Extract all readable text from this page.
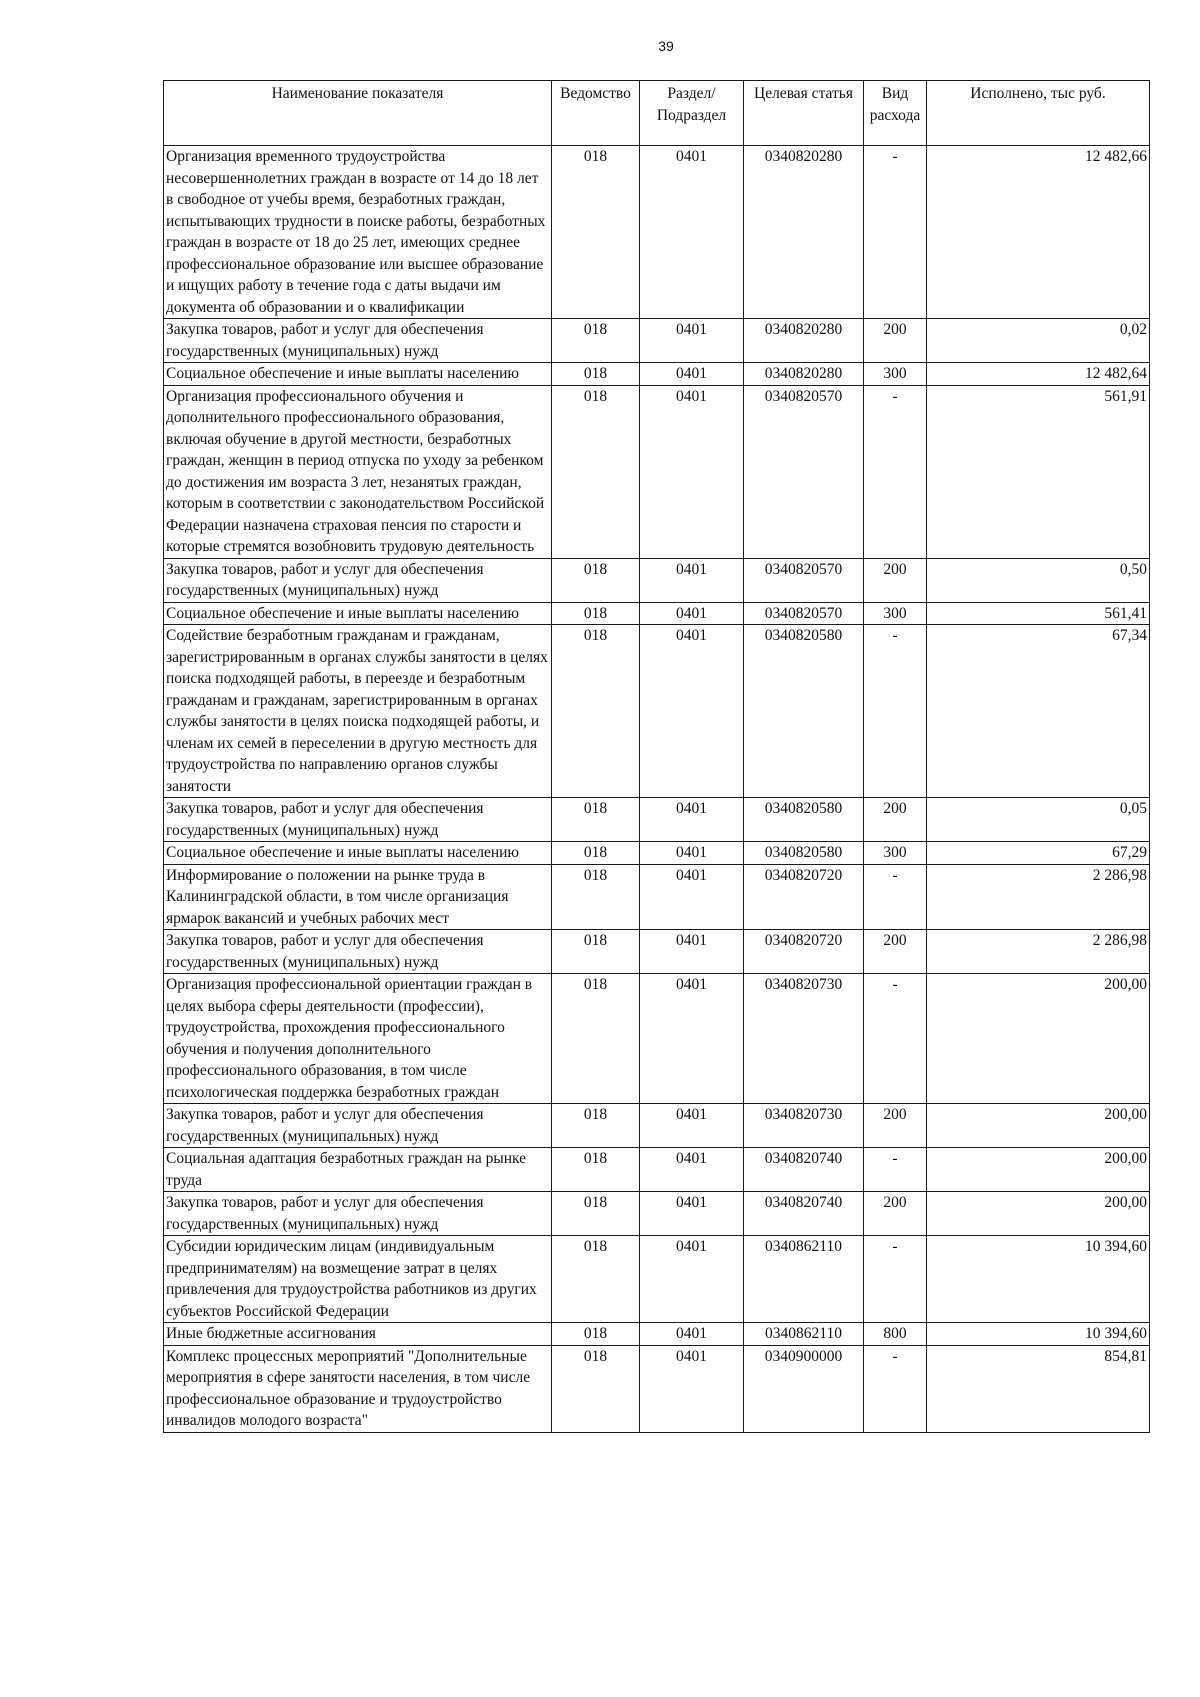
39
Наименование показателя	Ведомство	Раздел/ Подраздел	Целевая статья	Вид расхода	Исполнено, тыс руб.
Организация временного трудоустройства несовершеннолетних граждан в возрасте от 14 до 18 лет в свободное от учебы время, безработных граждан, испытывающих трудности в поиске работы, безработных граждан в возрасте от 18 до 25 лет, имеющих среднее профессиональное образование или высшее образование и ищущих работу в течение года с даты выдачи им документа об образовании и о квалификации	018	0401	0340820280	-	12 482,66
Закупка товаров, работ и услуг для обеспечения государственных (муниципальных) нужд	018	0401	0340820280	200	0,02
Социальное обеспечение и иные выплаты населению	018	0401	0340820280	300	12 482,64
Организация профессионального обучения и дополнительного профессионального образования, включая обучение в другой местности, безработных граждан, женщин в период отпуска по уходу за ребенком до достижения им возраста 3 лет, незанятых граждан, которым в соответствии с законодательством Российской Федерации назначена страховая пенсия по старости и которые стремятся возобновить трудовую деятельность	018	0401	0340820570	-	561,91
Закупка товаров, работ и услуг для обеспечения государственных (муниципальных) нужд	018	0401	0340820570	200	0,50
Социальное обеспечение и иные выплаты населению	018	0401	0340820570	300	561,41
Содействие безработным гражданам и гражданам, зарегистрированным в органах службы занятости в целях поиска подходящей работы, в переезде и безработным гражданам и гражданам, зарегистрированным в органах службы занятости в целях поиска подходящей работы, и членам их семей в переселении в другую местность для трудоустройства по направлению органов службы занятости	018	0401	0340820580	-	67,34
Закупка товаров, работ и услуг для обеспечения государственных (муниципальных) нужд	018	0401	0340820580	200	0,05
Социальное обеспечение и иные выплаты населению	018	0401	0340820580	300	67,29
Информирование о положении на рынке труда в Калининградской области, в том числе организация ярмарок вакансий и учебных рабочих мест	018	0401	0340820720	-	2 286,98
Закупка товаров, работ и услуг для обеспечения государственных (муниципальных) нужд	018	0401	0340820720	200	2 286,98
Организация профессиональной ориентации граждан в целях выбора сферы деятельности (профессии), трудоустройства, прохождения профессионального обучения и получения дополнительного профессионального образования, в том числе психологическая поддержка безработных граждан	018	0401	0340820730	-	200,00
Закупка товаров, работ и услуг для обеспечения государственных (муниципальных) нужд	018	0401	0340820730	200	200,00
Социальная адаптация безработных граждан на рынке труда	018	0401	0340820740	-	200,00
Закупка товаров, работ и услуг для обеспечения государственных (муниципальных) нужд	018	0401	0340820740	200	200,00
Субсидии юридическим лицам (индивидуальным предпринимателям) на возмещение затрат в целях привлечения для трудоустройства работников из других субъектов Российской Федерации	018	0401	0340862110	-	10 394,60
Иные бюджетные ассигнования	018	0401	0340862110	800	10 394,60
Комплекс процессных мероприятий "Дополнительные мероприятия в сфере занятости населения, в том числе профессиональное образование и трудоустройство инвалидов молодого возраста"	018	0401	0340900000	-	854,81
